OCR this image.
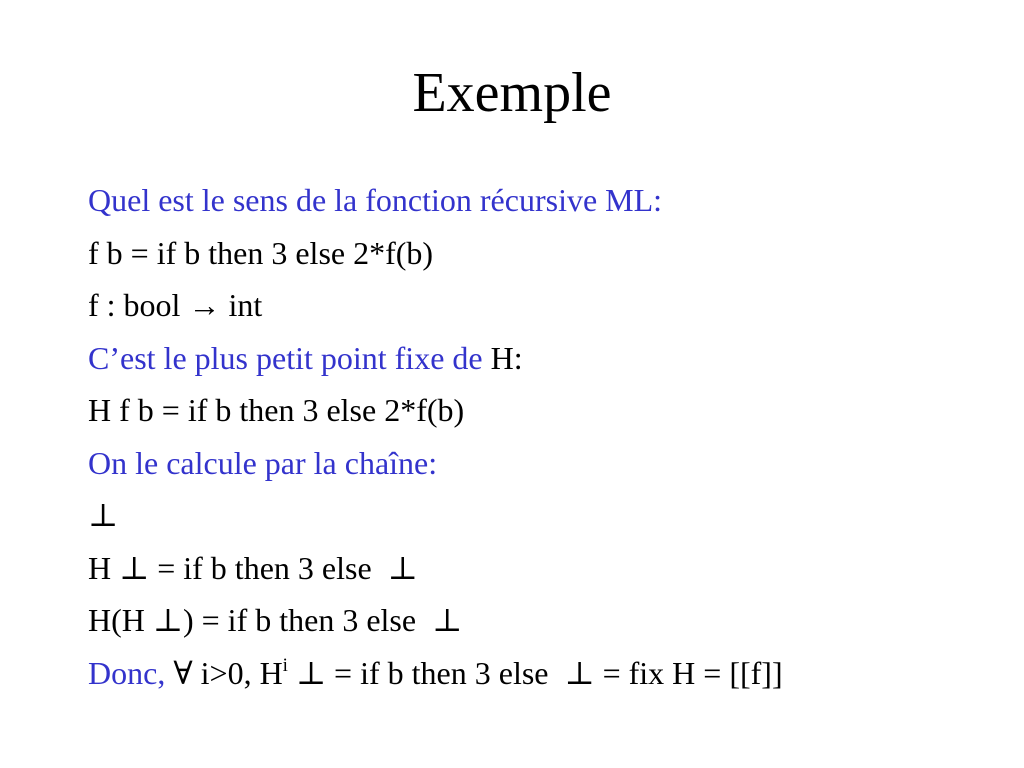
Exemple
Quel est le sens de la fonction récursive ML:
f b = if b then 3 else 2*f(b)
f : bool → int
C’est le plus petit point fixe de H:
H f b = if b then 3 else 2*f(b)
On le calcule par la chaîne:
⊥
H ⊥ = if b then 3 else  ⊥
H(H ⊥) = if b then 3 else  ⊥
Donc, ∀ i>0, $H^i$ ⊥ = if b then 3 else  ⊥ = fix H = [[f]]
